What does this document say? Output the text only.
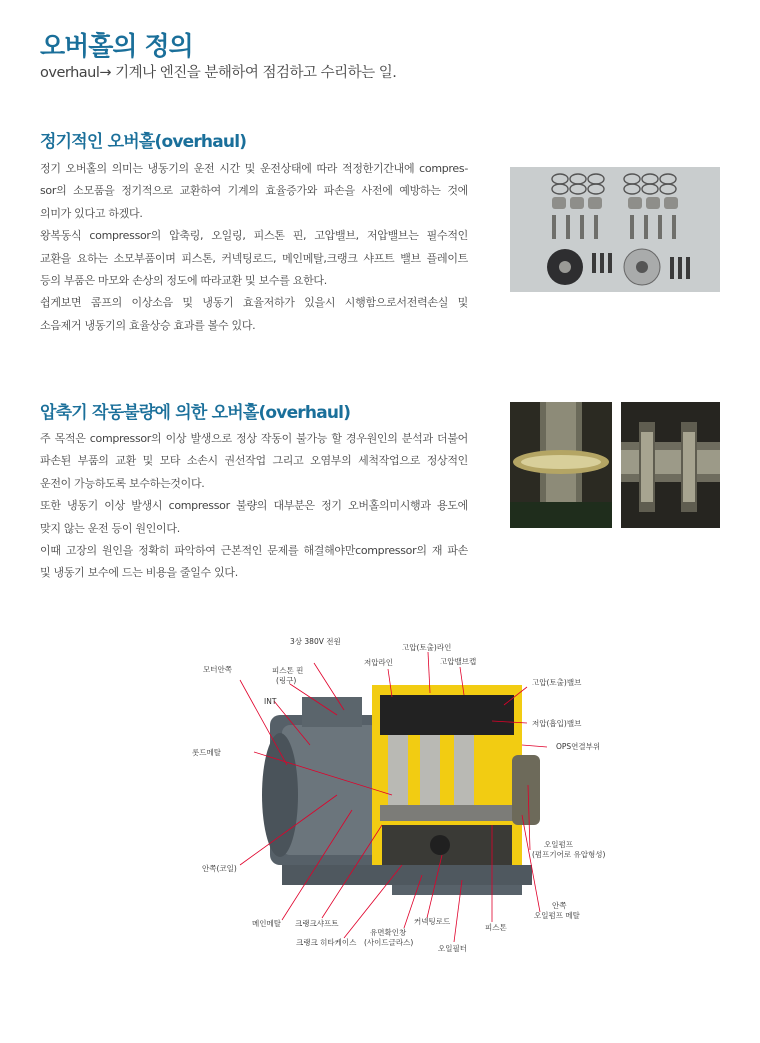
오버홀의 정의
overhaul→ 기계나 엔진을 분해하여 점검하고 수리하는 일.
정기적인 오버홀(overhaul)

정기 오버홀의 의미는 냉동기의 운전 시간 및 운전상태에 따라 적정한기간내에 compres-

sor의 소모품을 정기적으로 교환하여 기계의 효율증가와 파손을 사전에 예방하는 것에

의미가 있다고 하겠다.

왕복동식 compressor의 압축링, 오일링, 피스톤 핀, 고압밸브, 저압밸브는 필수적인

교환을 요하는 소모부품이며 피스톤, 커넥팅로드, 메인메탈,크랭크 샤프트 밸브 플레이트

등의 부품은 마모와 손상의 정도에 따라교환 및 보수를 요한다.

쉽게보면 콤프의 이상소음 및 냉동기 효율저하가 있을시 시행함으로서전력손실 및

소음제거 냉동기의 효율상승 효과를 볼수 있다.

압축기 작동불량에 의한 오버홀(overhaul)

주 목적은 compressor의 이상 발생으로 정상 작동이 불가능 할 경우원인의 분석과 더불어

파손된 부품의 교환 및 모타 소손시 권선작업 그리고 오염부의 세척작업으로 정상적인

운전이 가능하도록 보수하는것이다.

또한 냉동기 이상 발생시 compressor 불량의 대부분은 정기 오버홀의미시행과 용도에

맞지 않는 운전 등이 원인이다.

이때 고장의 원인을 정확히 파악하여 근본적인 문제를 해결해야만compressor의 재 파손

및 냉동기 보수에 드는 비용을 줄일수 있다.

3상 380V 전원
고압(토출)라인
모터안쪽	피스톤 핀
(링구)
저압라인	고압밸브캡
고압(토출)밸브
INT
저압(흡입)밸브
OPS연결부위
롯드메탈
오일펌프
(펌프기어로 유압형성)
안쪽(코일)
안쪽
오일펌프 메탈
메인메탈 크랭크샤프트	커넥팅로드
유면확인창
(사이드글라스)
피스톤
크랭크 히타케이스
오일필터
